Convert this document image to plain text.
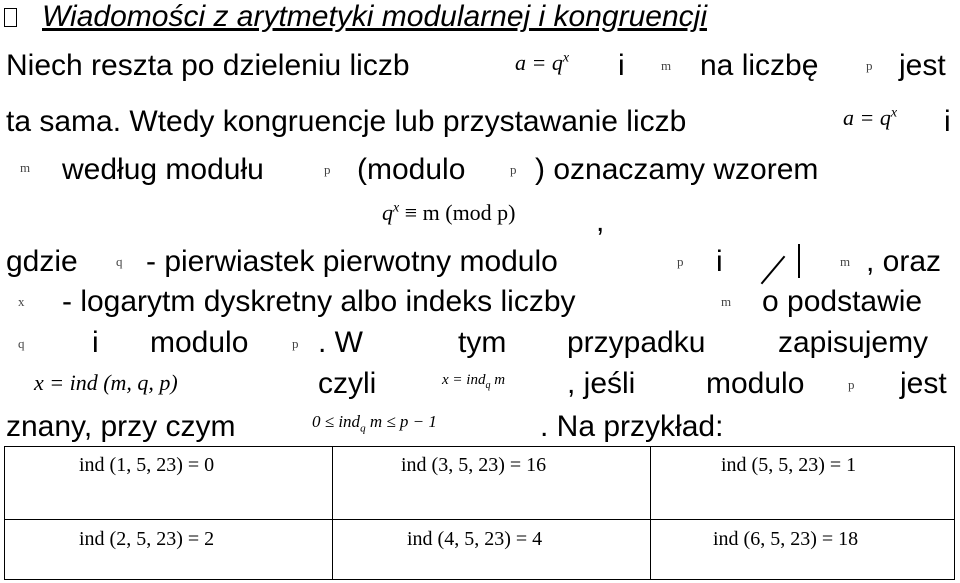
Wiadomości z arytmetyki modularnej i kongruencji
Niech reszta po dzieleniu liczb	$a = q^x$ i	m na liczbę	p jest
ta sama. Wtedy kongruencje lub przystawanie liczb	$a = q^x$ i
m według modułu	p (modulo	p ) oznaczamy wzorem
$q^x \equiv m$ (mod p)	,
gdzie	q - pierwiastek pierwotny modulo	p i	m , oraz
x - logarytm dyskretny albo indeks liczby	m o podstawie
q i modulo	p . W	tym przypadku zapisujemy
x = ind (m, q, p)	czyli	x = ind$_q$ m , jeśli modulo	p jest
znany, przy czym	0 ≤ ind$_q$ m ≤ p − 1	. Na przykład:
ind (1, 5, 23) = 0	ind (3, 5, 23) = 16	ind (5, 5, 23) = 1
ind (2, 5, 23) = 2	ind (4, 5, 23) = 4	ind (6, 5, 23) = 18
